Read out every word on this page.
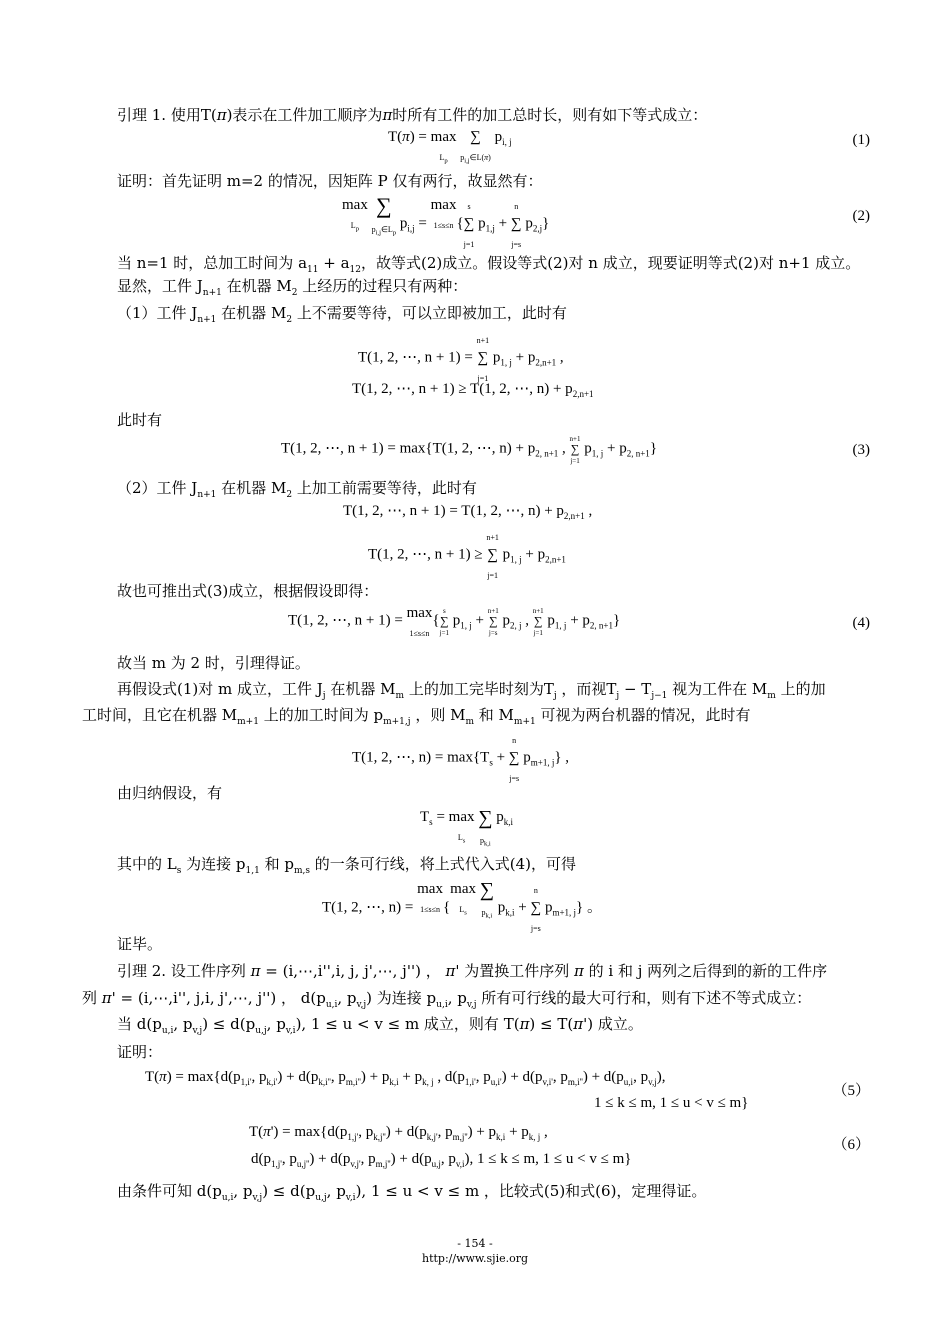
引理 1. 使用T(π)表示在工件加工顺序为π时所有工件的加工总时长，则有如下等式成立：
T(π) = max
$L_p$ ∑
$p_{i,j}\in L(\pi)$ $p_{i, j}$	(1)
证明：首先证明 m=2 的情况，因矩阵 P 仅有两行，故显然有：
max
$L_p$ ∑
$p_{i,j}\in L_p$ $p_{i,j} = \max$
1≤s≤n {s
∑
j=1 $p_{1,j} + n$
∑
j=s $p_{2,j}$}	(2)
当 n=1 时，总加工时间为 $a_{11} + a_{12}$，故等式(2)成立。假设等式(2)对 n 成立，现要证明等式(2)对 n+1 成立。
显然，工件 $J_{n+1}$ 在机器 $M_2$ 上经历的过程只有两种：
（1）工件 $J_{n+1}$ 在机器 $M_2$ 上不需要等待，可以立即被加工，此时有
T(1, 2, ⋯, n + 1) = n+1
∑
j=1 $p_{1, j} + p_{2,n+1}$ ,
T(1, 2, ⋯, n + 1) ≥ T(1, 2, ⋯, $n) + p_{2,n+1}$
此时有
T(1, 2, ⋯, n + 1) = max{T(1, 2, ⋯, $n) + p_{2, n+1}$ , n+1
∑
j=1 $p_{1, j} + p_{2, n+1}$}	(3)
（2）工件 $J_{n+1}$ 在机器 $M_2$ 上加工前需要等待，此时有
T(1, 2, ⋯, n + 1) = T(1, 2, ⋯, $n) + p_{2,n+1}$ ,
T(1, 2, ⋯, n + 1) ≥ n+1
∑
j=1 $p_{1, j} + p_{2,n+1}$
故也可推出式(3)成立，根据假设即得：
T(1, 2, ⋯, n + 1) = max
1≤s≤n{s
∑
j=1 $p_{1, j} + n+1$
∑
j=s $p_{2, j}$ , n+1
∑
j=1 $p_{1, j} + p_{2, n+1}$}	(4)
故当 m 为 2 时，引理得证。
再假设式(1)对 m 成立，工件 $J_j$ 在机器 $M_m$ 上的加工完毕时刻为$T_j$ ，而视$T_j - T_{j-1}$ 视为工件在 $M_m$ 上的加
工时间，且它在机器 $M_{m+1}$ 上的加工时间为 $p_{m+1,j}$ ，则 $M_m$ 和 $M_{m+1}$ 可视为两台机器的情况，此时有
T(1, 2, ⋯, $n) = \max\{T_s + n$
∑
j=s $p_{m+1, j}$} ,
由归纳假设，有
$T_s = \max$
$L_s$ ∑
$p_{k,i}$ $p_{k,i}$
其中的 $L_s$ 为连接 $p_{1,1}$ 和 $p_{m,s}$ 的一条可行线，将上式代入式(4)，可得
T(1, 2, ⋯, n) = max
1≤s≤n {max
$L_s$ ∑
$p_{k,i}$ $p_{k,i} + n$
∑
j=s $p_{m+1, j}$} 。
证毕。
引理 2. 设工件序列 π = (i,⋯,i'',i, j, j',⋯, j'') ， π' 为置换工件序列 π 的 i 和 j 两列之后得到的新的工件序
列 π' = (i,⋯,i'', j,i, j',⋯, j'') ， $d(p_{u,i}$, $p_{v,j}$) 为连接 $p_{u,i}$, $p_{v,j}$ 所有可行线的最大可行和，则有下述不等式成立：
当 $d(p_{u,i}$, $p_{v,j}) \le d(p_{u,j}$, $p_{v,i}$), 1 ≤ u < v ≤ m 成立，则有 T(π) ≤ T(π') 成立。
证明：
$T(\pi) = \max\{d(p_{1,i'}$, $p_{k,i'}) + d(p_{k,i''}$, $p_{m,i''}) + p_{k,i} + p_{k, j}$ , $d(p_{1,i'}$, $p_{u,i'}) + d(p_{v,i'}$, $p_{m,i''}) + d(p_{u,i}$, $p_{v,j}$),
1 ≤ k ≤ m, 1 ≤ u < v ≤ m}
（5）
$T(\pi') = \max\{d(p_{1,j'}$, $p_{k,j''}) + d(p_{k,j'}$, $p_{m,j''}) + p_{k,i} + p_{k, j}$ ,
$d(p_{1,j'}$, $p_{u,j''}) + d(p_{v,j'}$, $p_{m,j''}) + d(p_{u,j}$, $p_{v,i}$), 1 ≤ k ≤ m, 1 ≤ u < v ≤ m}
（6）
由条件可知 $d(p_{u,i}$, $p_{v,j}) \le d(p_{u,j}$, $p_{v,i}$), 1 ≤ u < v ≤ m ，比较式(5)和式(6)，定理得证。
- 154 -
http://www.sjie.org
